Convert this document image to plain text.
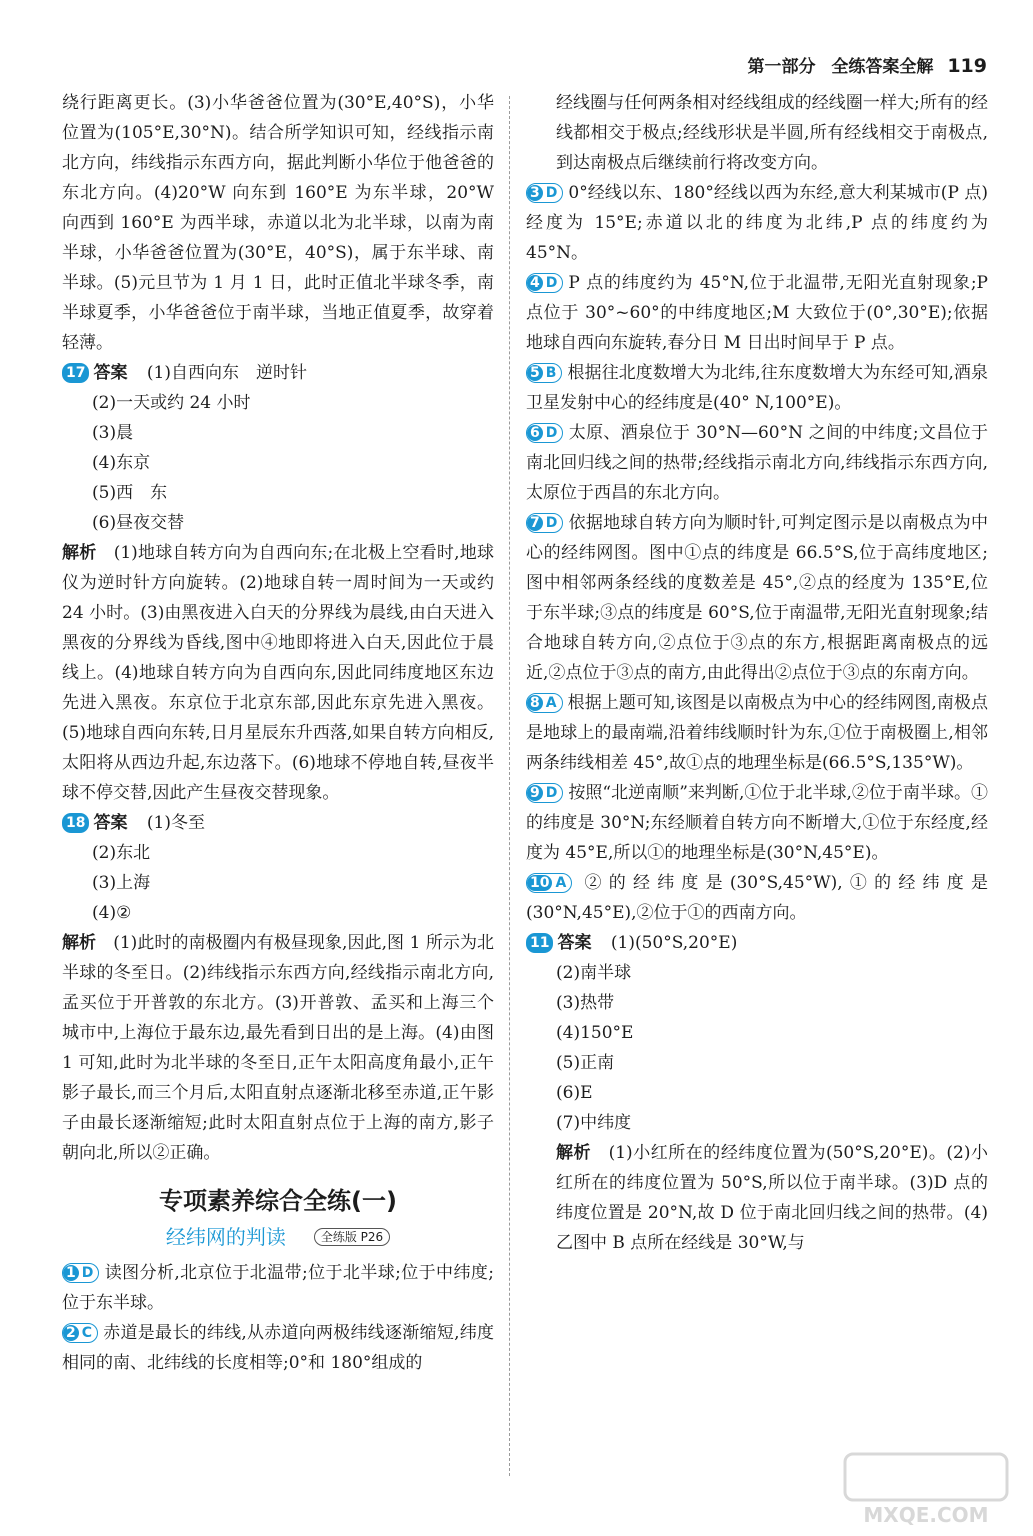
第一部分 全练答案全解 119

绕行距离更长。(3)小华爸爸位置为(30°E,40°S)，小华位置为(105°E,30°N)。结合所学知识可知，经线指示南北方向，纬线指示东西方向，据此判断小华位于他爸爸的东北方向。(4)20°W 向东到 160°E 为东半球，20°W 向西到 160°E 为西半球，赤道以北为北半球，以南为南半球，小华爸爸位置为(30°E，40°S)，属于东半球、南半球。(5)元旦节为 1 月 1 日，此时正值北半球冬季，南半球夏季，小华爸爸位于南半球，当地正值夏季，故穿着轻薄。

17 答案 (1)自西向东　逆时针
(2)一天或约 24 小时
(3)晨
(4)东京
(5)西　东
(6)昼夜交替

解析　 (1)地球自转方向为自西向东;在北极上空看时,地球仪为逆时针方向旋转。(2)地球自转一周时间为一天或约 24 小时。(3)由黑夜进入白天的分界线为晨线,由白天进入黑夜的分界线为昏线,图中④地即将进入白天,因此位于晨线上。(4)地球自转方向为自西向东,因此同纬度地区东边先进入黑夜。东京位于北京东部,因此东京先进入黑夜。(5)地球自西向东转,日月星辰东升西落,如果自转方向相反,太阳将从西边升起,东边落下。(6)地球不停地自转,昼夜半球不停交替,因此产生昼夜交替现象。

18 答案 (1)冬至
(2)东北
(3)上海
(4)②

解析　 (1)此时的南极圈内有极昼现象,因此,图 1 所示为北半球的冬至日。(2)纬线指示东西方向,经线指示南北方向,孟买位于开普敦的东北方。(3)开普敦、孟买和上海三个城市中,上海位于最东边,最先看到日出的是上海。(4)由图 1 可知,此时为北半球的冬至日,正午太阳高度角最小,正午影子最长,而三个月后,太阳直射点逐渐北移至赤道,正午影子由最长逐渐缩短;此时太阳直射点位于上海的南方,影子朝向北,所以②正确。

专项素养综合全练(一)
经纬网的判读	全练版 P26

1 D 读图分析,北京位于北温带;位于北半球;位于中纬度;位于东半球。

2 C 赤道是最长的纬线,从赤道向两极纬线逐渐缩短,纬度相同的南、北纬线的长度相等;0°和 180°组成的

经线圈与任何两条相对经线组成的经线圈一样大;所有的经线都相交于极点;经线形状是半圆,所有经线相交于南极点,到达南极点后继续前行将改变方向。

3 D 0°经线以东、180°经线以西为东经,意大利某城市(P 点)经度为 15°E;赤道以北的纬度为北纬,P 点的纬度约为 45°N。

4 D P 点的纬度约为 45°N,位于北温带,无阳光直射现象;P 点位于 30°~60°的中纬度地区;M 大致位于(0°,30°E);依据地球自西向东旋转,春分日 M 日出时间早于 P 点。

5 B 根据往北度数增大为北纬,往东度数增大为东经可知,酒泉卫星发射中心的经纬度是(40° N,100°E)。

6 D 太原、酒泉位于 30°N—60°N 之间的中纬度;文昌位于南北回归线之间的热带;经线指示南北方向,纬线指示东西方向,太原位于西昌的东北方向。

7 D 依据地球自转方向为顺时针,可判定图示是以南极点为中心的经纬网图。图中①点的纬度是 66.5°S,位于高纬度地区;图中相邻两条经线的度数差是 45°,②点的经度为 135°E,位于东半球;③点的纬度是 60°S,位于南温带,无阳光直射现象;结合地球自转方向,②点位于③点的东方,根据距离南极点的远近,②点位于③点的南方,由此得出②点位于③点的东南方向。

8 A 根据上题可知,该图是以南极点为中心的经纬网图,南极点是地球上的最南端,沿着纬线顺时针为东,①位于南极圈上,相邻两条纬线相差 45°,故①点的地理坐标是(66.5°S,135°W)。

9 D 按照“北逆南顺”来判断,①位于北半球,②位于南半球。①的纬度是 30°N;东经顺着自转方向不断增大,①位于东经度,经度为 45°E,所以①的地理坐标是(30°N,45°E)。

10 A ②的经纬度是(30°S,45°W),①的经纬度是(30°N,45°E),②位于①的西南方向。

11 答案 (1)(50°S,20°E)
(2)南半球
(3)热带
(4)150°E
(5)正南
(6)E
(7)中纬度

解析　 (1)小红所在的经纬度位置为(50°S,20°E)。(2)小红所在的纬度位置为 50°S,所以位于南半球。(3)D 点的纬度位置是 20°N,故 D 位于南北回归线之间的热带。(4)乙图中 B 点所在经线是 30°W,与

MXQE.COM
